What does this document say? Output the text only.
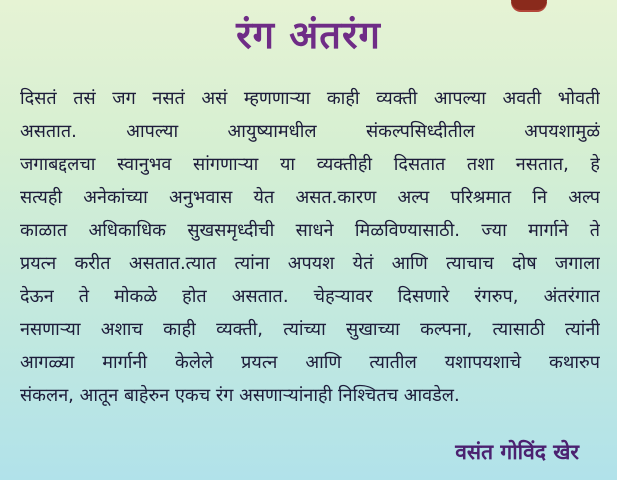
रंग अंतरंग
दिसतं तसं जग नसतं असं म्हणणाऱ्या काही व्यक्ती आपल्या अवती भोवती
असतात. आपल्या आयुष्यामधील संकल्पसिध्दीतील अपयशामुळं
जगाबद्दलचा स्वानुभव सांगणाऱ्या या व्यक्तीही दिसतात तशा नसतात, हे
सत्यही अनेकांच्या अनुभवास येत असत.कारण अल्प परिश्रमात नि अल्प
काळात अधिकाधिक सुखसमृध्दीची साधने मिळविण्यासाठी. ज्या मार्गाने ते
प्रयत्न करीत असतात.त्यात त्यांना अपयश येतं आणि त्याचाच दोष जगाला
देऊन ते मोकळे होत असतात. चेहऱ्यावर दिसणारे रंगरुप, अंतरंगात
नसणाऱ्या अशाच काही व्यक्ती, त्यांच्या सुखाच्या कल्पना, त्यासाठी त्यांनी
आगळ्या मार्गानी केलेले प्रयत्न आणि त्यातील यशापयशाचे कथारुप
संकलन, आतून बाहेरुन एकच रंग असणाऱ्यांनाही निश्चितच आवडेल.
वसंत गोविंद खेर
